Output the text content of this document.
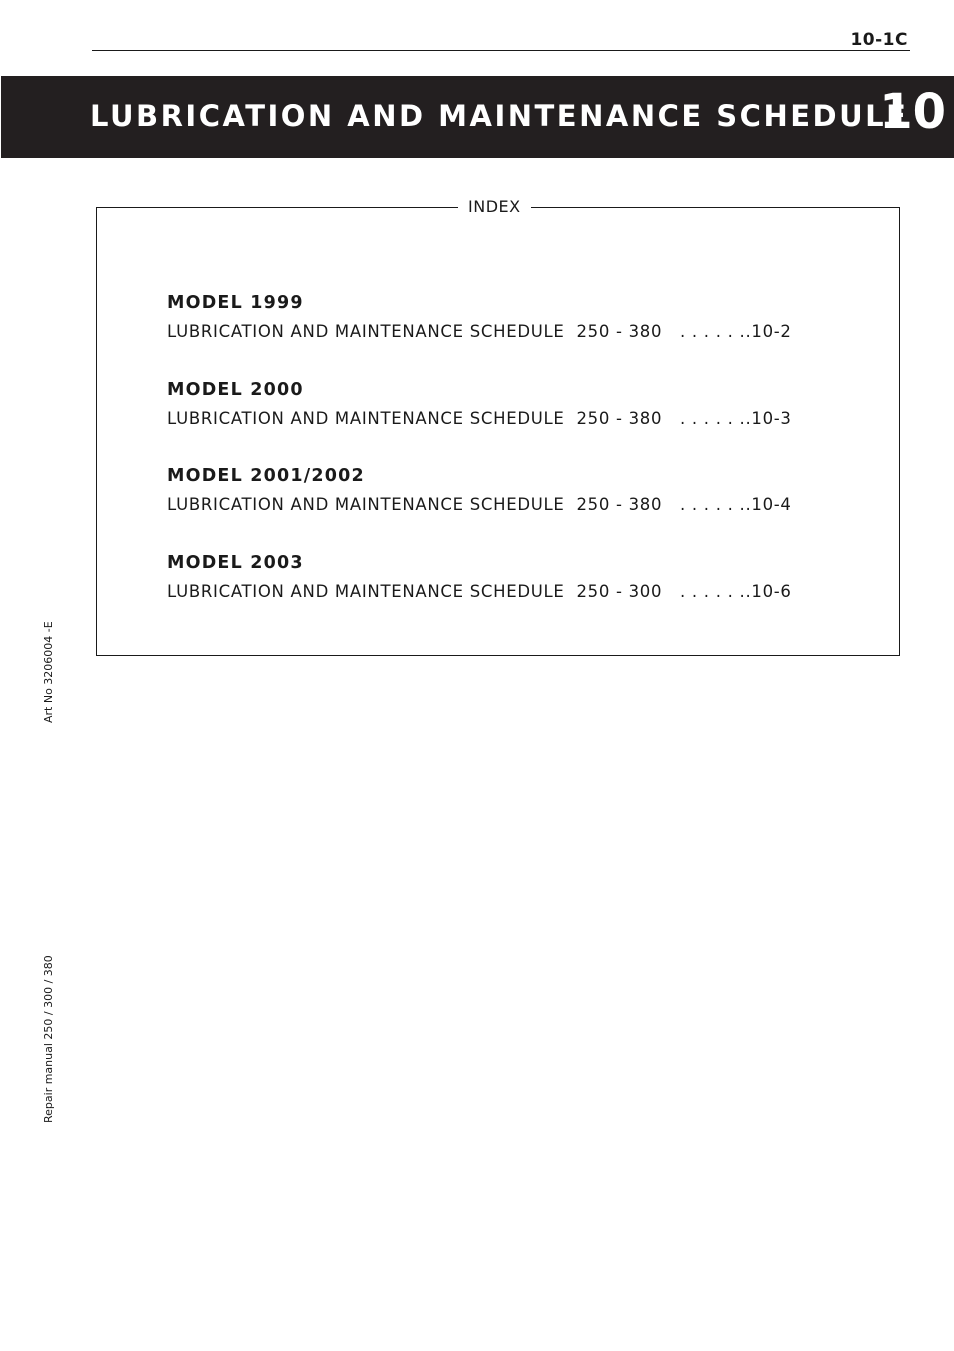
10-1C
LUBRICATION AND MAINTENANCE SCHEDULE
10
INDEX
MODEL 1999
LUBRICATION AND MAINTENANCE SCHEDULE 250 - 380 . . . . . ..10-2
MODEL 2000
LUBRICATION AND MAINTENANCE SCHEDULE 250 - 380 . . . . . ..10-3
MODEL 2001/2002
LUBRICATION AND MAINTENANCE SCHEDULE 250 - 380 . . . . . ..10-4
MODEL 2003
LUBRICATION AND MAINTENANCE SCHEDULE 250 - 300 . . . . . ..10-6
Art No 3206004 -E
Repair manual 250 / 300 / 380
